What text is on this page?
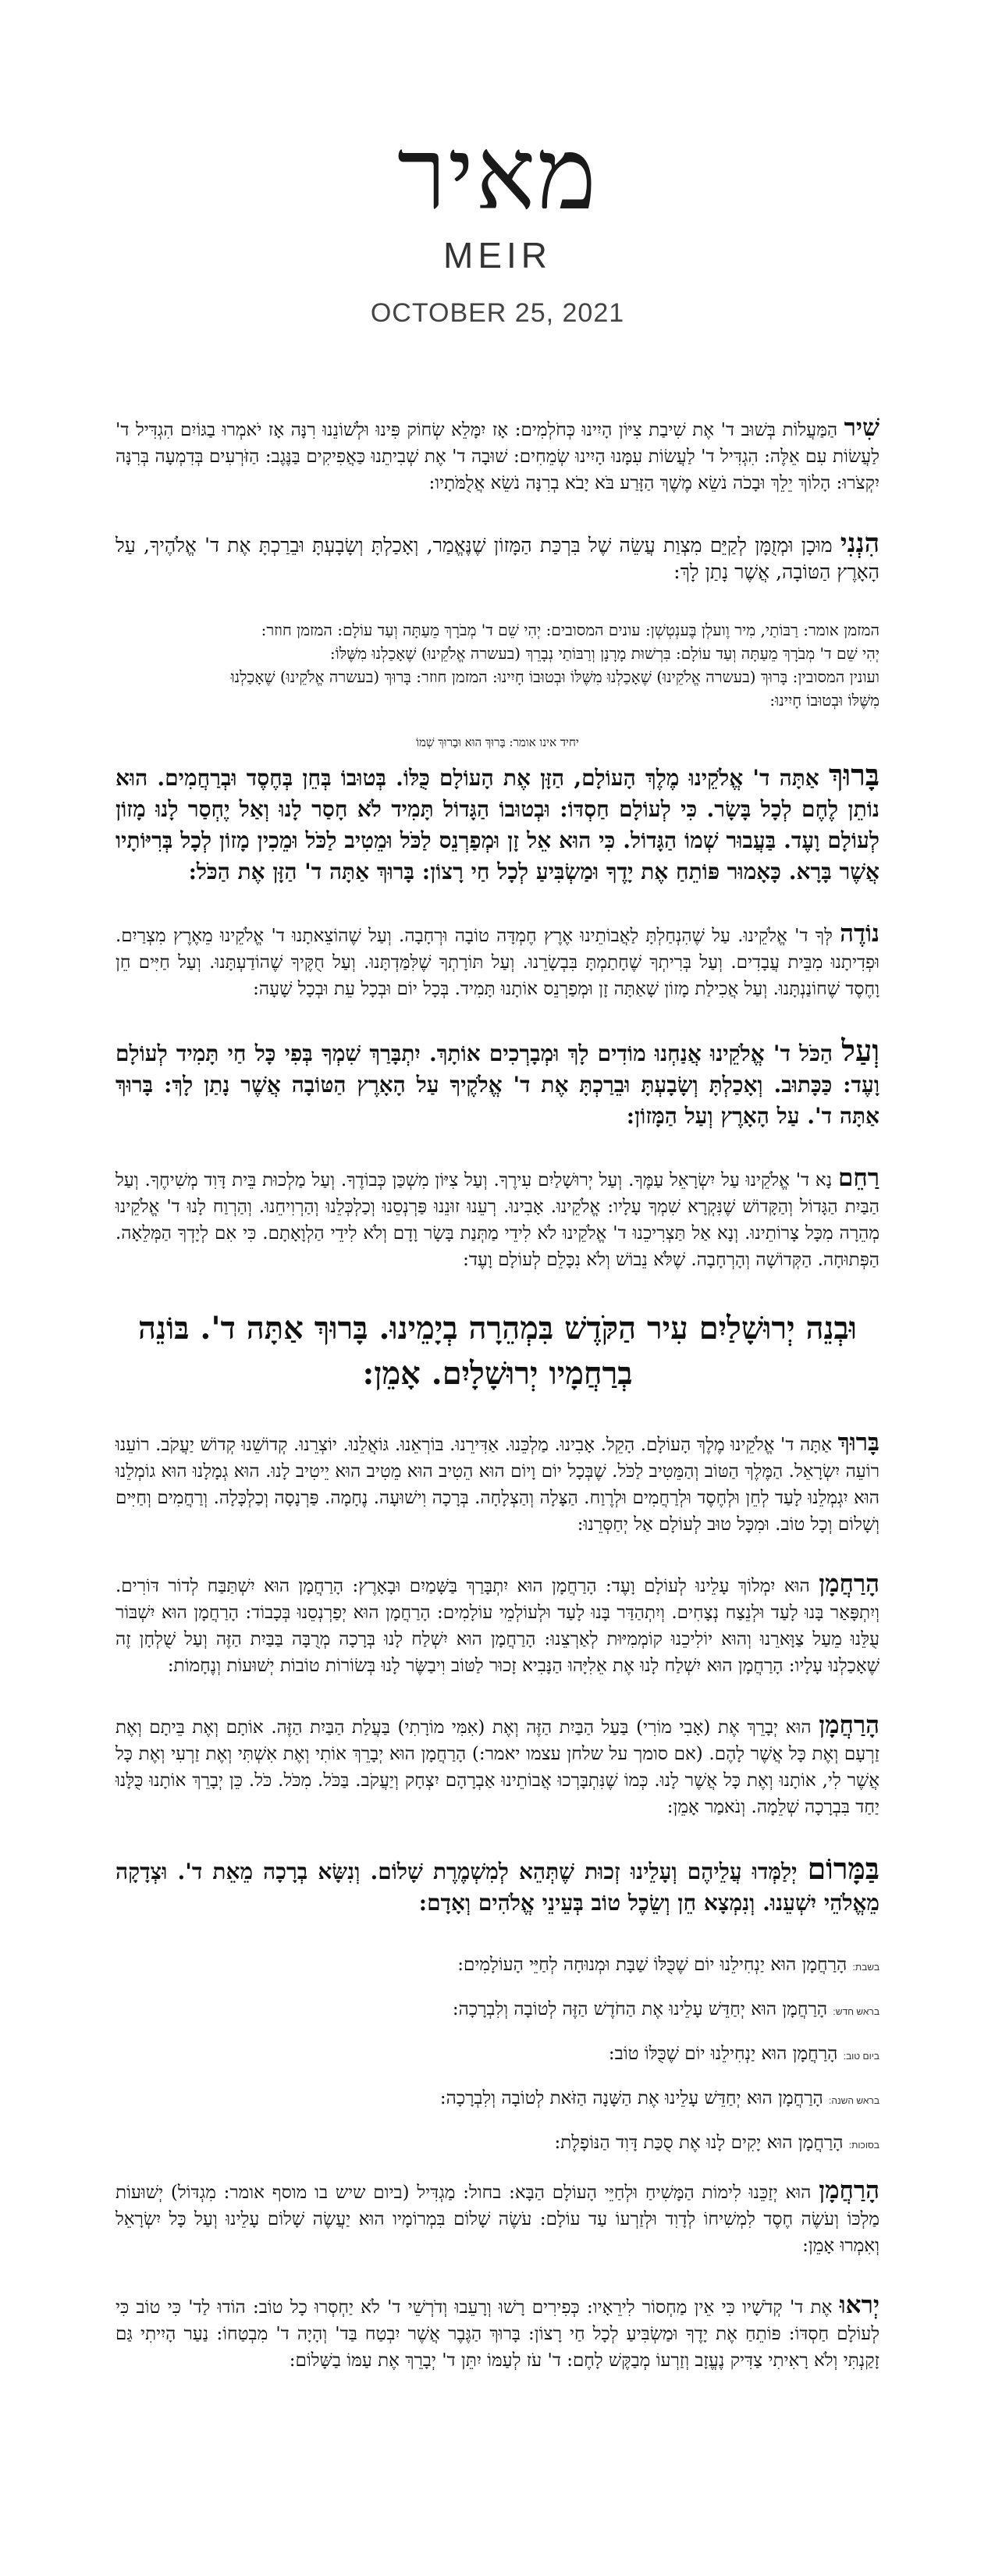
מאיר
MEIR
OCTOBER 25, 2021

שִׁיר הַמַּעֲלוֹת בְּשׁוּב ד' אֶת שִׁיבַת צִיּוֹן הָיִינוּ כְּחֹלְמִים: אָז יִמָּלֵא שְׂחוֹק פִּינוּ וּלְשׁוֹנֵנוּ רִנָּה אָז יֹאמְרוּ בַגּוֹיִם הִגְדִּיל ד' לַעֲשׂוֹת עִם אֵלֶּה: הִגְדִּיל ד' לַעֲשׂוֹת עִמָּנוּ הָיִינוּ שְׂמֵחִים: שׁוּבָה ד' אֶת שְׁבִיתֵנוּ כַּאֲפִיקִים בַּנֶּגֶב: הַזֹּרְעִים בְּדִמְעָה בְּרִנָּה יִקְצֹרוּ: הָלוֹךְ יֵלֵךְ וּבָכֹה נֹשֵׂא מֶשֶׁךְ הַזָּרַע בֹּא יָבֹא בְרִנָּה נֹשֵׂא אֲלֻמֹּתָיו:

הִנְנִי מוּכָן וּמְזֻמָּן לְקַיֵּם מִצְוַת עֲשֵׂה שֶׁל בִּרְכַּת הַמָּזוֹן שֶׁנֶּאֱמַר, וְאָכַלְתָּ וְשָׂבָעְתָּ וּבֵרַכְתָּ אֶת ד' אֱלֹהֶיךָ, עַל הָאָרֶץ הַטּוֹבָה, אֲשֶׁר נָתַן לָךְ:

המזמן אומר: רַבּוֹתַי, מִיר וֶועלְן בֶּענְטְשְׁן: עונים המסובים: יְהִי שֵׁם ד' מְבֹרָךְ מֵעַתָּה וְעַד עוֹלָם: המזמן חוזר:

יְהִי שֵׁם ד' מְבֹרָךְ מֵעַתָּה וְעַד עוֹלָם: בִּרְשׁוּת מָרָנָן וְרַבּוֹתַי נְבָרֵךְ (בעשרה אֱלֹקֵינוּ) שֶׁאָכַלְנוּ מִשֶּׁלּוֹ:

ועונין המסובין: בָּרוּךְ (בעשרה אֱלֹקֵינוּ) שֶׁאָכַלְנוּ מִשֶּׁלּוֹ וּבְטוּבוֹ חָיִינוּ: המזמן חוזר: בָּרוּךְ (בעשרה אֱלֹקֵינוּ) שֶׁאָכַלְנוּ

מִשֶּׁלּוֹ וּבְטוּבוֹ חָיִינוּ:

יחיד אינו אומר: בָּרוּךְ הוּא וּבָרוּךְ שְׁמוֹ

בָּרוּךְ אַתָּה ד' אֱלֹקֵינוּ מֶלֶךְ הָעוֹלָם, הַזָּן אֶת הָעוֹלָם כֻּלּוֹ. בְּטוּבוֹ בְּחֵן בְּחֶסֶד וּבְרַחֲמִים. הוּא נוֹתֵן לֶחֶם לְכָל בָּשָׂר. כִּי לְעוֹלָם חַסְדּוֹ: וּבְטוּבוֹ הַגָּדוֹל תָּמִיד לֹא חָסַר לָנוּ וְאַל יֶחְסַר לָנוּ מָזוֹן לְעוֹלָם וָעֶד. בַּעֲבוּר שְׁמוֹ הַגָּדוֹל. כִּי הוּא אֵל זָן וּמְפַרְנֵס לַכֹּל וּמֵטִיב לַכֹּל וּמֵכִין מָזוֹן לְכָל בְּרִיּוֹתָיו אֲשֶׁר בָּרָא. כָּאָמוּר פּוֹתֵחַ אֶת יָדֶךָ וּמַשְׂבִּיעַ לְכָל חַי רָצוֹן: בָּרוּךְ אַתָּה ד' הַזָּן אֶת הַכֹּל:

נוֹדֶה לְּךָ ד' אֱלֹקֵינוּ. עַל שֶׁהִנְחַלְתָּ לַאֲבוֹתֵינוּ אֶרֶץ חֶמְדָּה טוֹבָה וּרְחָבָה. וְעַל שֶׁהוֹצֵאתָנוּ ד' אֱלֹקֵינוּ מֵאֶרֶץ מִצְרַיִם. וּפְדִיתָנוּ מִבֵּית עֲבָדִים. וְעַל בְּרִיתְךָ שֶׁחָתַמְתָּ בִּבְשָׂרֵנוּ. וְעַל תּוֹרָתְךָ שֶׁלִּמַּדְתָּנוּ. וְעַל חֻקֶּיךָ שֶׁהוֹדַעְתָּנוּ. וְעַל חַיִּים חֵן וָחֶסֶד שֶׁחוֹנַנְתָּנוּ. וְעַל אֲכִילַת מָזוֹן שָׁאַתָּה זָן וּמְפַרְנֵס אוֹתָנוּ תָּמִיד. בְּכָל יוֹם וּבְכָל עֵת וּבְכָל שָׁעָה:

וְעַל הַכֹּל ד' אֱלֹקֵינוּ אֲנַחְנוּ מוֹדִים לָךְ וּמְבָרְכִים אוֹתָךְ. יִתְבָּרַךְ שִׁמְךָ בְּפִי כָּל חַי תָּמִיד לְעוֹלָם וָעֶד: כַּכָּתוּב. וְאָכַלְתָּ וְשָׂבָעְתָּ וּבֵרַכְתָּ אֶת ד' אֱלֹקֶיךָ עַל הָאָרֶץ הַטּוֹבָה אֲשֶׁר נָתַן לָךְ: בָּרוּךְ אַתָּה ד'. עַל הָאָרֶץ וְעַל הַמָּזוֹן:

רַחֵם נָא ד' אֱלֹקֵינוּ עַל יִשְׂרָאֵל עַמֶּךָ. וְעַל יְרוּשָׁלַיִם עִירֶךָ. וְעַל צִיּוֹן מִשְׁכַּן כְּבוֹדֶךָ. וְעַל מַלְכוּת בֵּית דָּוִד מְשִׁיחֶךָ. וְעַל הַבַּיִת הַגָּדוֹל וְהַקָּדוֹשׁ שֶׁנִּקְרָא שִׁמְךָ עָלָיו: אֱלֹקֵינוּ. אָבִינוּ. רְעֵנוּ זוּנֵנוּ פַּרְנְסֵנוּ וְכַלְכְּלֵנוּ וְהַרְוִיחֵנוּ. וְהַרְוַח לָנוּ ד' אֱלֹקֵינוּ מְהֵרָה מִכָּל צָרוֹתֵינוּ. וְנָא אַל תַּצְרִיכֵנוּ ד' אֱלֹקֵינוּ לֹא לִידֵי מַתְּנַת בָּשָׂר וָדָם וְלֹא לִידֵי הַלְוָאָתָם. כִּי אִם לְיָדְךָ הַמְּלֵאָה. הַפְּתוּחָה. הַקְּדוֹשָׁה וְהָרְחָבָה. שֶׁלֹּא נֵבוֹשׁ וְלֹא נִכָּלֵם לְעוֹלָם וָעֶד:

וּבְנֵה יְרוּשָׁלַיִם עִיר הַקֹּדֶשׁ בִּמְהֵרָה בְיָמֵינוּ. בָּרוּךְ אַתָּה ד'. בּוֹנֵה בְרַחֲמָיו יְרוּשָׁלָיִם. אָמֵן:

בָּרוּךְ אַתָּה ד' אֱלֹקֵינוּ מֶלֶךְ הָעוֹלָם. הָקֵל. אָבִינוּ. מַלְכֵּנוּ. אַדִּירֵנוּ. בּוֹרְאֵנוּ. גּוֹאֲלֵנוּ. יוֹצְרֵנוּ. קְדוֹשֵׁנוּ קְדוֹשׁ יַעֲקֹב. רוֹעֵנוּ רוֹעֵה יִשְׂרָאֵל. הַמֶּלֶךְ הַטּוֹב וְהַמֵּטִיב לַכֹּל. שֶׁבְּכָל יוֹם וָיוֹם הוּא הֵטִיב הוּא מֵטִיב הוּא יֵיטִיב לָנוּ. הוּא גְמָלָנוּ הוּא גוֹמְלֵנוּ הוּא יִגְמְלֵנוּ לָעַד לְחֵן וּלְחֶסֶד וּלְרַחֲמִים וּלְרֶוַח. הַצָּלָה וְהַצְלָחָה. בְּרָכָה וִישׁוּעָה. נֶחָמָה. פַּרְנָסָה וְכַלְכָּלָה. וְרַחֲמִים וְחַיִּים וְשָׁלוֹם וְכָל טוֹב. וּמִכָּל טוּב לְעוֹלָם אַל יְחַסְּרֵנוּ:

הָרַחֲמָן הוּא יִמְלוֹךְ עָלֵינוּ לְעוֹלָם וָעֶד: הָרַחֲמָן הוּא יִתְבָּרַךְ בַּשָּׁמַיִם וּבָאָרֶץ: הָרַחֲמָן הוּא יִשְׁתַּבַּח לְדוֹר דּוֹרִים. וְיִתְפָּאַר בָּנוּ לָעַד וּלְנֵצַח נְצָחִים. וְיִתְהַדַּר בָּנוּ לָעַד וּלְעוֹלְמֵי עוֹלָמִים: הָרַחֲמָן הוּא יְפַרְנְסֵנוּ בְּכָבוֹד: הָרַחֲמָן הוּא יִשְׁבּוֹר עֻלֵּנוּ מֵעַל צַוָּארֵנוּ וְהוּא יוֹלִיכֵנוּ קוֹמְמִיּוּת לְאַרְצֵנוּ: הָרַחֲמָן הוּא יִשְׁלַח לָנוּ בְּרָכָה מְרֻבָּה בַּבַּיִת הַזֶּה וְעַל שֻׁלְחָן זֶה שֶׁאָכַלְנוּ עָלָיו: הָרַחֲמָן הוּא יִשְׁלַח לָנוּ אֶת אֵלִיָּהוּ הַנָּבִיא זָכוּר לַטּוֹב וִיבַשֶּׂר לָנוּ בְּשׂוֹרוֹת טוֹבוֹת יְשׁוּעוֹת וְנֶחָמוֹת:

הָרַחֲמָן הוּא יְבָרֵךְ אֶת (אָבִי מוֹרִי) בַּעַל הַבַּיִת הַזֶּה וְאֶת (אִמִּי מוֹרָתִי) בַּעֲלַת הַבַּיִת הַזֶּה. אוֹתָם וְאֶת בֵּיתָם וְאֶת זַרְעָם וְאֶת כָּל אֲשֶׁר לָהֶם. (אם סומך על שלחן עצמו יאמר:) הָרַחֲמָן הוּא יְבָרֵךְ אוֹתִי וְאֶת אִשְׁתִּי וְאֶת זַרְעִי וְאֶת כָּל אֲשֶׁר לִי, אוֹתָנוּ וְאֶת כָּל אֲשֶׁר לָנוּ. כְּמוֹ שֶׁנִּתְבָּרְכוּ אֲבוֹתֵינוּ אַבְרָהָם יִצְחָק וְיַעֲקֹב. בַּכֹּל. מִכֹּל. כֹּל. כֵּן יְבָרֵךְ אוֹתָנוּ כֻּלָּנוּ יַחַד בִּבְרָכָה שְׁלֵמָה. וְנֹאמַר אָמֵן:

בַּמָּרוֹם יְלַמְּדוּ עֲלֵיהֶם וְעָלֵינוּ זְכוּת שֶׁתְּהֵא לְמִשְׁמֶרֶת שָׁלוֹם. וְנִשָּׂא בְרָכָה מֵאֵת ד'. וּצְדָקָה מֵאֱלֹהֵי יִשְׁעֵנוּ. וְנִמְצָא חֵן וְשֵׂכֶל טוֹב בְּעֵינֵי אֱלֹהִים וְאָדָם:

בשבת: הָרַחֲמָן הוּא יַנְחִילֵנוּ יוֹם שֶׁכֻּלּוֹ שַׁבָּת וּמְנוּחָה לְחַיֵּי הָעוֹלָמִים:

בראש חדש: הָרַחֲמָן הוּא יְחַדֵּשׁ עָלֵינוּ אֶת הַחֹדֶשׁ הַזֶּה לְטוֹבָה וְלִבְרָכָה:

ביום טוב: הָרַחֲמָן הוּא יַנְחִילֵנוּ יוֹם שֶׁכֻּלּוֹ טוֹב:

בראש השנה: הָרַחֲמָן הוּא יְחַדֵּשׁ עָלֵינוּ אֶת הַשָּׁנָה הַזֹּאת לְטוֹבָה וְלִבְרָכָה:

בסוכות: הָרַחֲמָן הוּא יָקִים לָנוּ אֶת סֻכַּת דָּוִד הַנּוֹפָלֶת:

הָרַחֲמָן הוּא יְזַכֵּנוּ לִימוֹת הַמָּשִׁיחַ וּלְחַיֵּי הָעוֹלָם הַבָּא: בחול: מַגְדִּיל (ביום שיש בו מוסף אומר: מִגְדּוֹל) יְשׁוּעוֹת מַלְכּוֹ וְעֹשֶׂה חֶסֶד לִמְשִׁיחוֹ לְדָוִד וּלְזַרְעוֹ עַד עוֹלָם: עֹשֶׂה שָׁלוֹם בִּמְרוֹמָיו הוּא יַעֲשֶׂה שָׁלוֹם עָלֵינוּ וְעַל כָּל יִשְׂרָאֵל וְאִמְרוּ אָמֵן:

יְראוּ אֶת ד' קְדֹשָׁיו כִּי אֵין מַחְסוֹר לִירֵאָיו: כְּפִירִים רָשׁוּ וְרָעֵבוּ וְדֹרְשֵׁי ד' לֹא יַחְסְרוּ כָל טוֹב: הוֹדוּ לַד' כִּי טוֹב כִּי לְעוֹלָם חַסְדּוֹ: פּוֹתֵחַ אֶת יָדֶךָ וּמַשְׂבִּיעַ לְכָל חַי רָצוֹן: בָּרוּךְ הַגֶּבֶר אֲשֶׁר יִבְטַח בַּד' וְהָיָה ד' מִבְטַחוֹ: נַעַר הָיִיתִי גַּם זָקַנְתִּי וְלֹא רָאִיתִי צַדִּיק נֶעֱזָב וְזַרְעוֹ מְבַקֶּשׁ לָחֶם: ד' עֹז לְעַמּוֹ יִתֵּן ד' יְבָרֵךְ אֶת עַמּוֹ בַשָּׁלוֹם:
